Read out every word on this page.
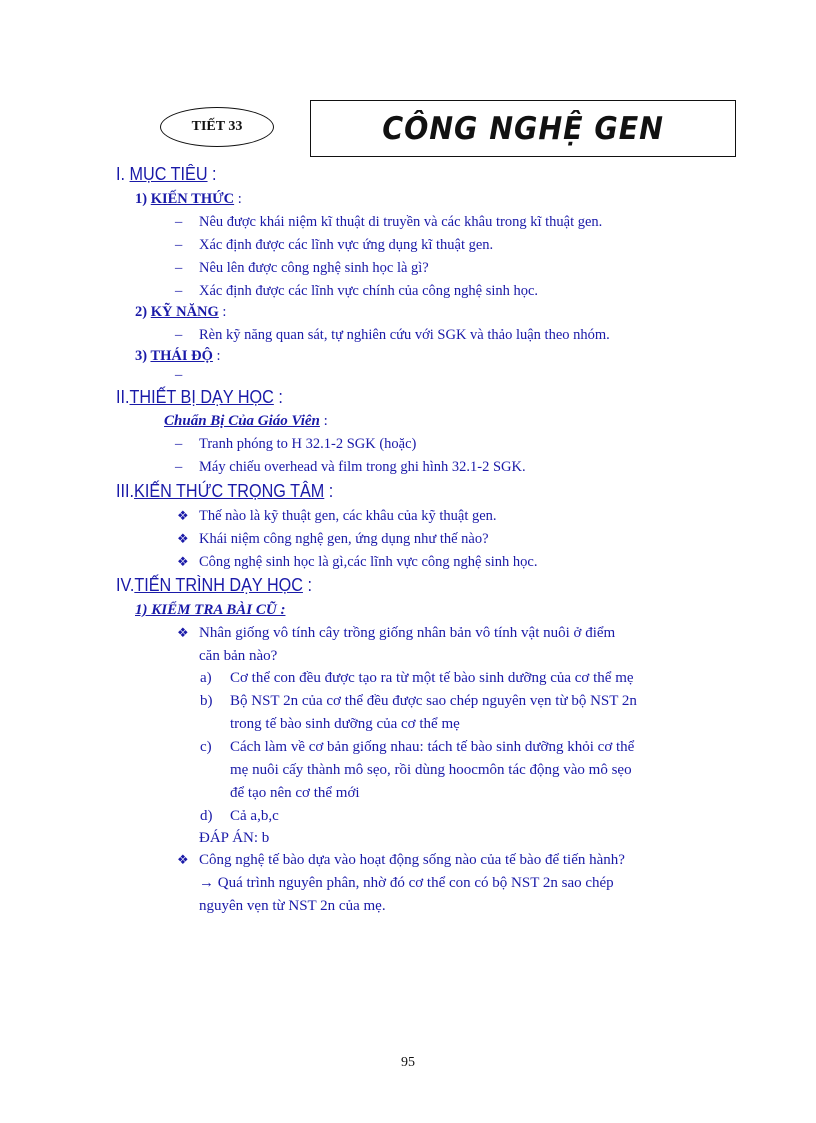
TIẾT 33	CÔNG NGHỆ GEN
I. MỤC TIÊU :
1) KIẾN THỨC :
– Nêu được khái niệm kĩ thuật di truyền và các khâu trong kĩ thuật gen.
– Xác định được các lĩnh vực ứng dụng kĩ thuật gen.
– Nêu lên được công nghệ sinh học là gì?
– Xác định được các lĩnh vực chính của công nghệ sinh học.
2) KỸ NĂNG :
– Rèn kỹ năng quan sát, tự nghiên cứu với SGK và thảo luận theo nhóm.
3) THÁI ĐỘ :
II.THIẾT BỊ DẠY HỌC :
Chuẩn Bị Của Giáo Viên :
– Tranh phóng to H 32.1-2 SGK (hoặc)
– Máy chiếu overhead và film trong ghi hình 32.1-2 SGK.
III.KIẾN THỨC TRỌNG TÂM :
❖ Thế nào là kỹ thuật gen, các khâu của kỹ thuật gen.
❖ Khái niệm công nghệ gen, ứng dụng như thế nào?
❖ Công nghệ sinh học là gì,các lĩnh vực công nghệ sinh học.
IV.TIẾN TRÌNH DẠY HỌC :
1) KIỂM TRA BÀI CŨ :
❖ Nhân giống vô tính cây trồng giống nhân bản vô tính vật nuôi ở điểm
căn bản nào?
a) Cơ thể con đều được tạo ra từ một tế bào sinh dưỡng của cơ thể mẹ
b) Bộ NST 2n của cơ thể đều được sao chép nguyên vẹn từ bộ NST 2n
trong tế bào sinh dưỡng của cơ thể mẹ
c) Cách làm về cơ bản giống nhau: tách tế bào sinh dưỡng khỏi cơ thể
mẹ nuôi cấy thành mô sẹo, rồi dùng hoocmôn tác động vào mô sẹo
để tạo nên cơ thể mới
d) Cả a,b,c
ĐÁP ÁN: b
❖ Công nghệ tế bào dựa vào hoạt động sống nào của tế bào để tiến hành?
→ Quá trình nguyên phân, nhờ đó cơ thể con có bộ NST 2n sao chép
nguyên vẹn từ NST 2n của mẹ.
95
